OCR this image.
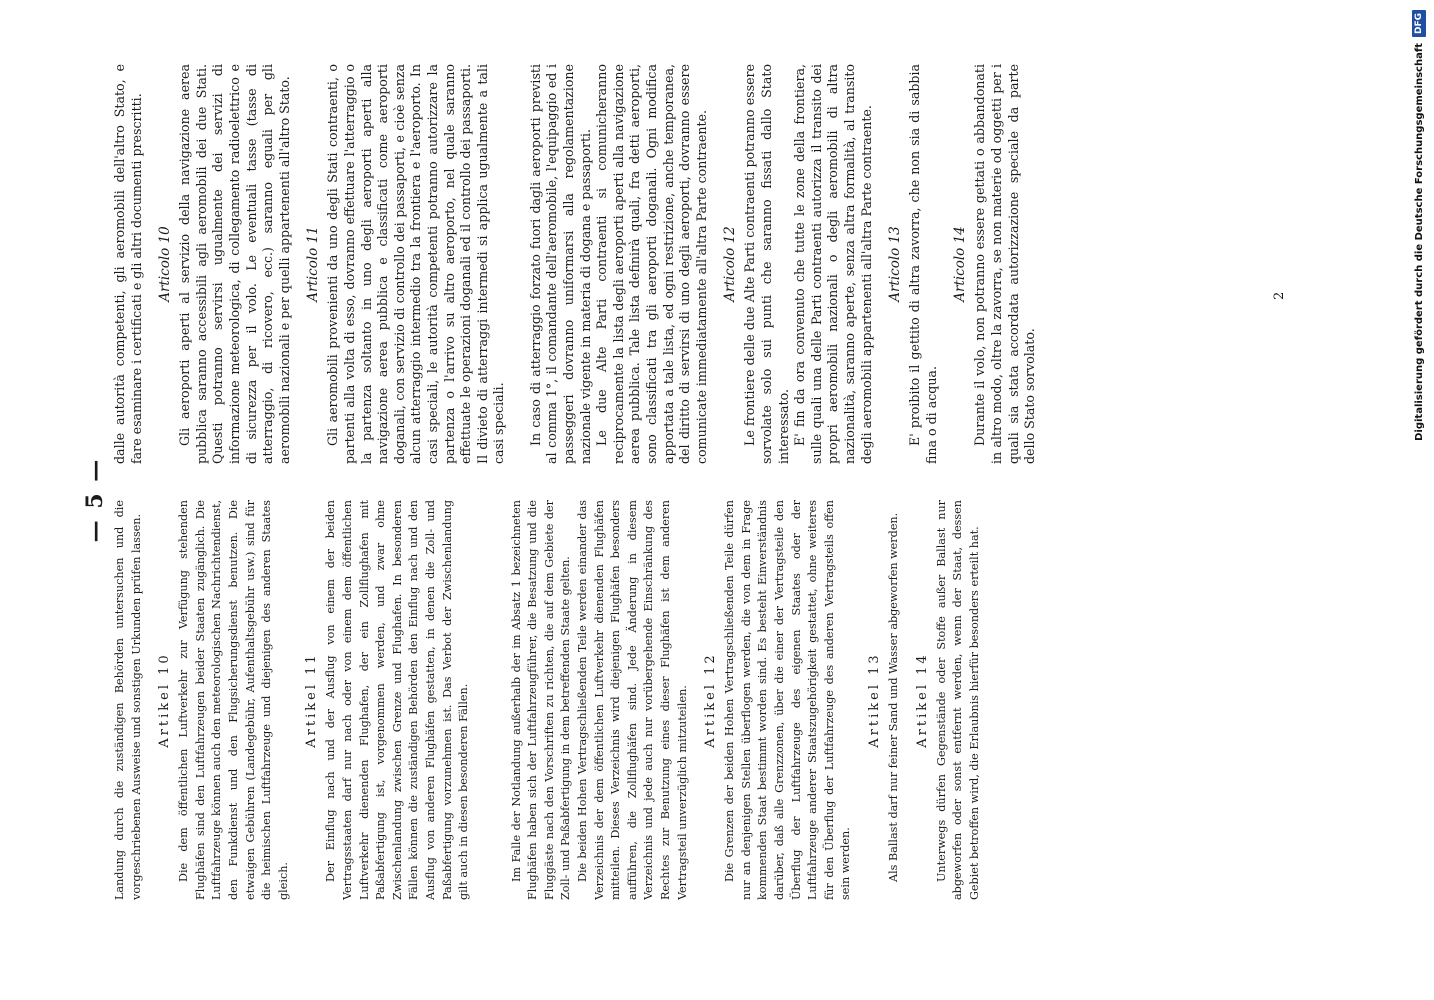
— 5 — Landung durch die zuständigen Behörden untersuchen und die vorgeschriebenen Ausweise und sonstigen Urkunden prüfen lassen. Artikel 10 Die dem öffentlichen Luftverkehr zur Verfügung stehenden Flughäfen sind den Luftfahrzeugen beider Staaten zugänglich. Die Luftfahrzeuge können auch den meteorologischen Nachrichtendienst, den Funkdienst und den Flugsicherungsdienst benutzen. Die etwaigen Gebühren (Landegebühr, Aufenthaltsgebühr usw.) sind für die heimischen Luftfahrzeuge und diejenigen des anderen Staates gleich.

Artikel 11 Der Einflug nach und der Ausflug von einem der beiden Vertragsstaaten darf nur nach oder von einem dem öffentlichen Luftverkehr dienenden Flughafen, der ein Zollflughafen mit Paßabfertigung ist, vorgenommen werden, und zwar ohne Zwischenlandung zwischen Grenze und Flughafen. In besonderen Fällen können die zuständigen Behörden den Einflug nach und den Ausflug von anderen Flughäfen gestatten, in denen die Zoll- und Paßabfertigung vorzunehmen ist. Das Verbot der Zwischenlandung gilt auch in diesen besonderen Fällen.	Im Falle der Notlandung außerhalb der im Absatz 1 bezeichneten Flughäfen haben sich der Luftfahrzeugführer, die Besatzung und die Fluggäste nach den Vorschriften zu richten, die auf dem Gebiete der Zoll- und Paßabfertigung in dem betreffenden Staate gelten. Die beiden Hohen Vertragschließenden Teile werden einander das Verzeichnis der dem öffentlichen Luftverkehr dienenden Flughäfen mitteilen. Dieses Verzeichnis wird diejenigen Flughäfen besonders aufführen, die Zollflughäfen sind. Jede Änderung in diesem Verzeichnis und jede auch nur vorübergehende Einschränkung des Rechtes zur Benutzung eines dieser Flughäfen ist dem anderen Vertragsteil unverzüglich mitzuteilen. Artikel 12 Die Grenzen der beiden Hohen Vertragschließenden Teile dürfen nur an denjenigen Stellen überflogen werden, die von dem in Frage kommenden Staat bestimmt worden sind. Es besteht Einverständnis darüber, daß alle Grenzzonen, über die einer der Vertragsteile den Überflug der Luftfahrzeuge des eigenen Staates oder der Luftfahrzeuge anderer Staatszugehörigkeit gestattet, ohne weiteres für den Überflug der Luftfahrzeuge des anderen Vertragsteils offen sein werden.

Artikel 13 Als Ballast darf nur feiner Sand und Wasser abgeworfen werden. Artikel 14 Unterwegs dürfen Gegenstände oder Stoffe außer Ballast nur abgeworfen oder sonst entfernt werden, wenn der Staat, dessen Gebiet betroffen wird, die Erlaubnis hierfür besonders erteilt hat.

dalle autorità competenti, gli aeromobili dell'altro Stato, e fare esaminare i certificati e gli altri documenti prescritti. Articolo 10 Gli aeroporti aperti al servizio della navigazione aerea pubblica saranno accessibili agli aeromobili dei due Stati. Questi potranno servirsi ugualmente dei servizi di informazione meteorologica, di collegamento radioelettrico e di sicurezza per il volo. Le eventuali tasse (tasse di atterraggio, di ricovero, ecc.) saranno eguali per gli aeromobili nazionali e per quelli appartenenti all'altro Stato. Articolo 11 Gli aeromobili provenienti da uno degli Stati contraenti, o partenti alla volta di esso, dovranno effettuare l'atterraggio o la partenza soltanto in uno degli aeroporti aperti alla navigazione aerea pubblica e classificati come aeroporti doganali, con servizio di controllo dei passaporti, e cioè senza alcun atterraggio intermedio tra la frontiera e l'aeroporto. In casi speciali, le autorità competenti potranno autorizzare la partenza o l'arrivo su altro aeroporto, nel quale saranno effettuate le operazioni doganali ed il controllo dei passaporti. Il divieto di atterraggi intermedi si applica ugualmente a tali casi speciali. In caso di atterraggio forzato fuori dagli aeroporti previsti al comma 1°, il comandante dell'aeromobile, l'equipaggio ed i passeggeri dovranno uniformarsi alla regolamentazione nazionale vigente in materia di dogana e passaporti. Le due Alte Parti contraenti si comunicheranno reciprocamente la lista degli aeroporti aperti alla navigazione aerea pubblica. Tale lista definirà quali, fra detti aeroporti, sono classificati tra gli aeroporti doganali. Ogni modifica apportata a tale lista, ed ogni restrizione, anche temporanea, del diritto di servirsi di uno degli aeroporti, dovranno essere comunicate immediatamente all'altra Parte contraente. Articolo 12 Le frontiere delle due Alte Parti contraenti potranno essere sorvolate solo sui punti che saranno fissati dallo Stato interessato. E' fin da ora convenuto che tutte le zone della frontiera, sulle quali una delle Parti contraenti autorizza il transito dei propri aeromobili nazionali o degli aeromobili di altra nazionalità, saranno aperte, senza altra formalità, al transito degli aeromobili appartenenti all'altra Parte contraente. Articolo 13 E' proibito il gettito di altra zavorra, che non sia di sabbia fina o di acqua.

Articolo 14 Durante il volo, non potranno essere gettati o abbandonati in altro modo, oltre la zavorra, se non materie od oggetti per i quali sia stata accordata autorizzazione speciale da parte dello Stato sorvolato.

2	Digitalisierung gefördert durch die Deutsche Forschungsgemeinschaft
DFG
